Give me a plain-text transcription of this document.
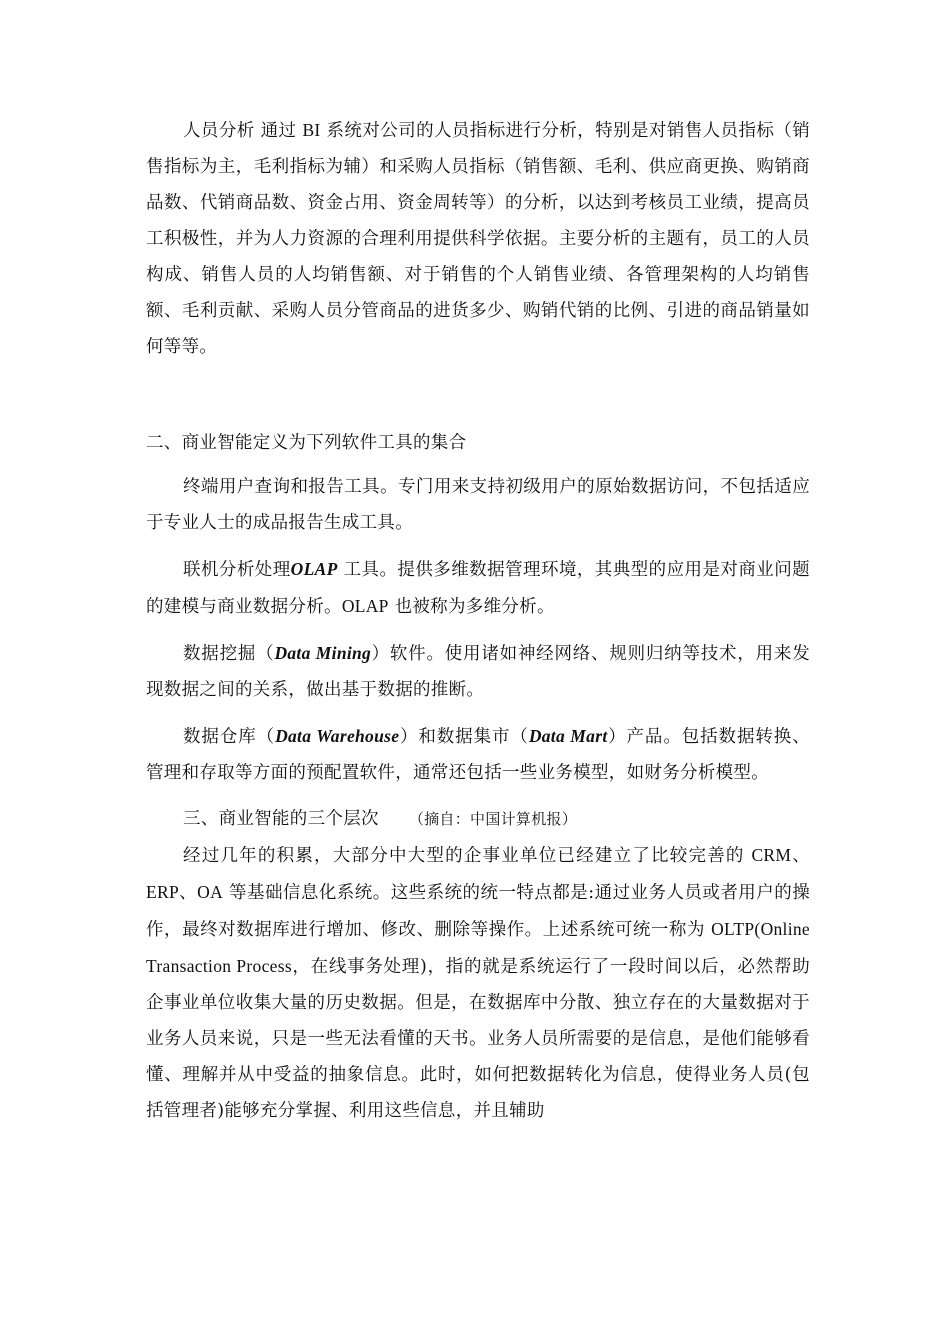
人员分析 通过 BI 系统对公司的人员指标进行分析，特别是对销售人员指标（销售指标为主，毛利指标为辅）和采购人员指标（销售额、毛利、供应商更换、购销商品数、代销商品数、资金占用、资金周转等）的分析，以达到考核员工业绩，提高员工积极性，并为人力资源的合理利用提供科学依据。主要分析的主题有，员工的人员构成、销售人员的人均销售额、对于销售的个人销售业绩、各管理架构的人均销售额、毛利贡献、采购人员分管商品的进货多少、购销代销的比例、引进的商品销量如何等等。

二、商业智能定义为下列软件工具的集合

终端用户查询和报告工具。专门用来支持初级用户的原始数据访问，不包括适应于专业人士的成品报告生成工具。

联机分析处理OLAP 工具。提供多维数据管理环境，其典型的应用是对商业问题的建模与商业数据分析。OLAP 也被称为多维分析。

数据挖掘（Data Mining）软件。使用诸如神经网络、规则归纳等技术，用来发现数据之间的关系，做出基于数据的推断。

数据仓库（Data Warehouse）和数据集市（Data Mart）产品。包括数据转换、管理和存取等方面的预配置软件，通常还包括一些业务模型，如财务分析模型。

三、商业智能的三个层次 （摘自：中国计算机报）

经过几年的积累，大部分中大型的企事业单位已经建立了比较完善的 CRM、ERP、OA 等基础信息化系统。这些系统的统一特点都是:通过业务人员或者用户的操作，最终对数据库进行增加、修改、删除等操作。上述系统可统一称为 OLTP(Online Transaction Process，在线事务处理)，指的就是系统运行了一段时间以后，必然帮助企事业单位收集大量的历史数据。但是，在数据库中分散、独立存在的大量数据对于业务人员来说，只是一些无法看懂的天书。业务人员所需要的是信息，是他们能够看懂、理解并从中受益的抽象信息。此时，如何把数据转化为信息，使得业务人员(包括管理者)能够充分掌握、利用这些信息，并且辅助
